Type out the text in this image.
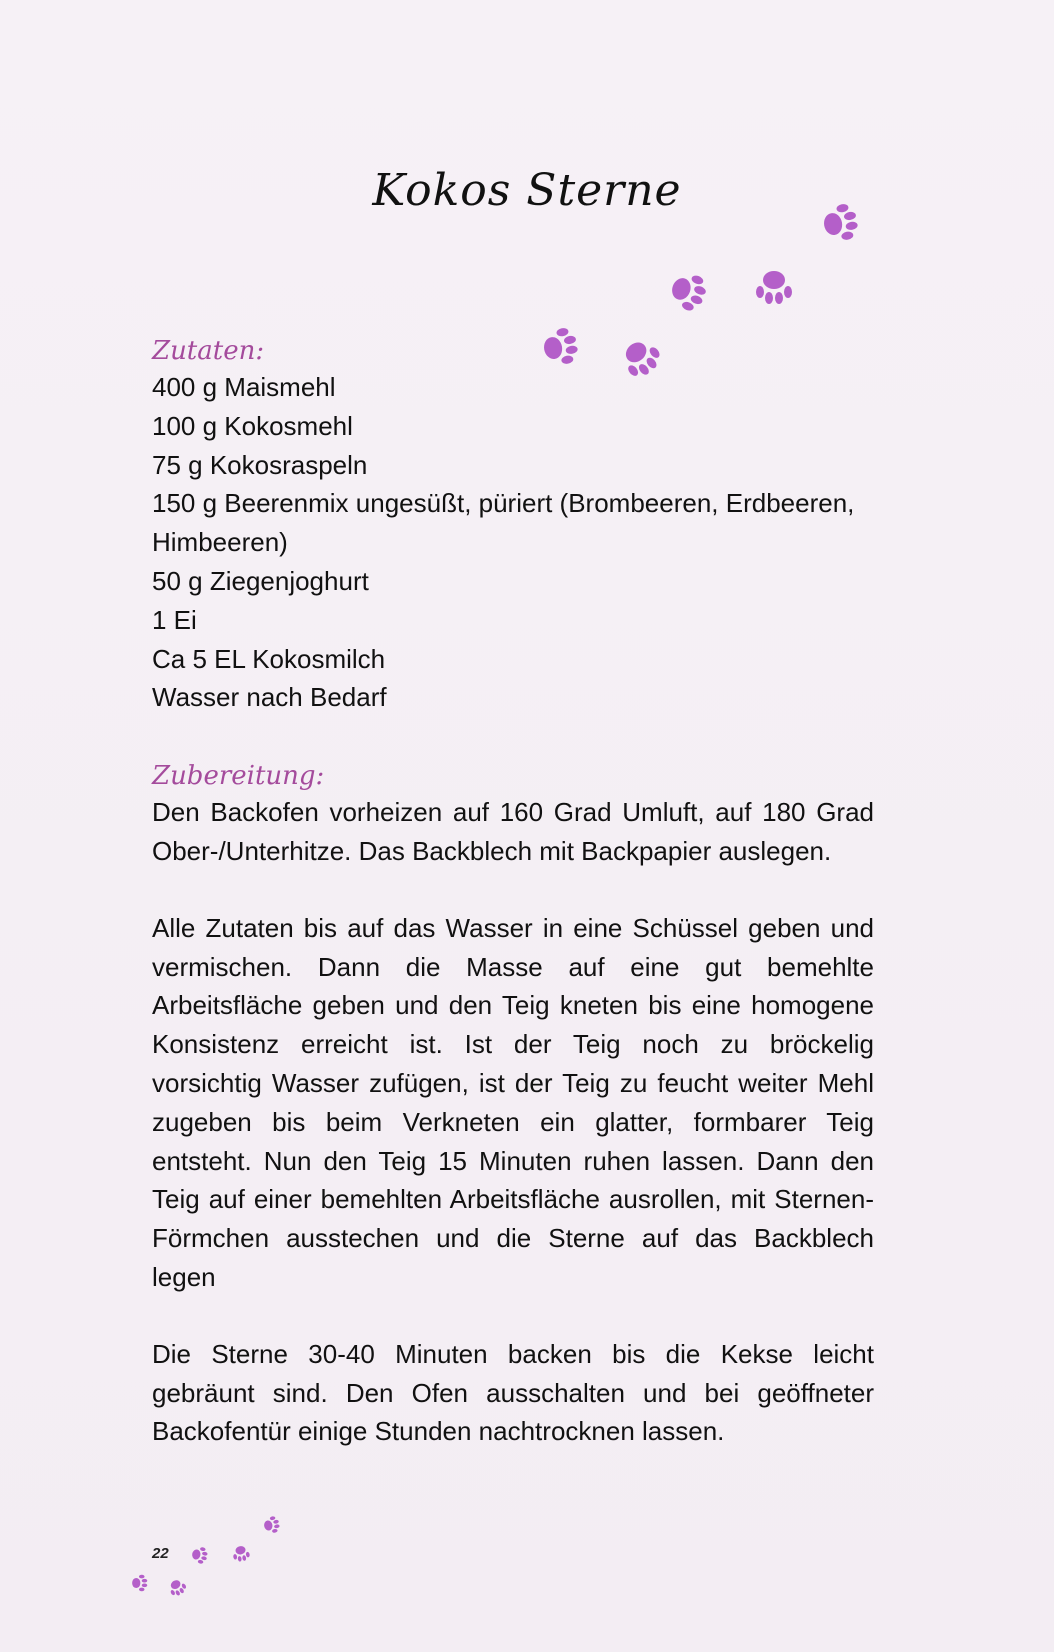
Kokos Sterne
Zutaten:
400 g Maismehl
100 g Kokosmehl
75 g Kokosraspeln
150 g Beerenmix ungesüßt, püriert (Brombeeren, Erdbeeren, Himbeeren)
50 g Ziegenjoghurt
1 Ei
Ca 5 EL Kokosmilch
Wasser nach Bedarf
Zubereitung:

Den Backofen vorheizen auf 160 Grad Umluft, auf 180 Grad Ober-/Unterhitze. Das Backblech mit Backpapier auslegen.

Alle Zutaten bis auf das Wasser in eine Schüssel geben und vermischen. Dann die Masse auf eine gut bemehlte Arbeitsfläche geben und den Teig kneten bis eine homogene Konsistenz erreicht ist. Ist der Teig noch zu bröckelig vorsichtig Wasser zufügen, ist der Teig zu feucht weiter Mehl zugeben bis beim Verkneten ein glatter, formbarer Teig entsteht. Nun den Teig 15 Minuten ruhen lassen. Dann den Teig auf einer bemehlten Arbeitsfläche ausrollen, mit Sternen-Förmchen ausstechen und die Sterne auf das Backblech legen

Die Sterne 30-40 Minuten backen bis die Kekse leicht gebräunt sind. Den Ofen ausschalten und bei geöffneter Backofentür einige Stunden nachtrocknen lassen.

22
